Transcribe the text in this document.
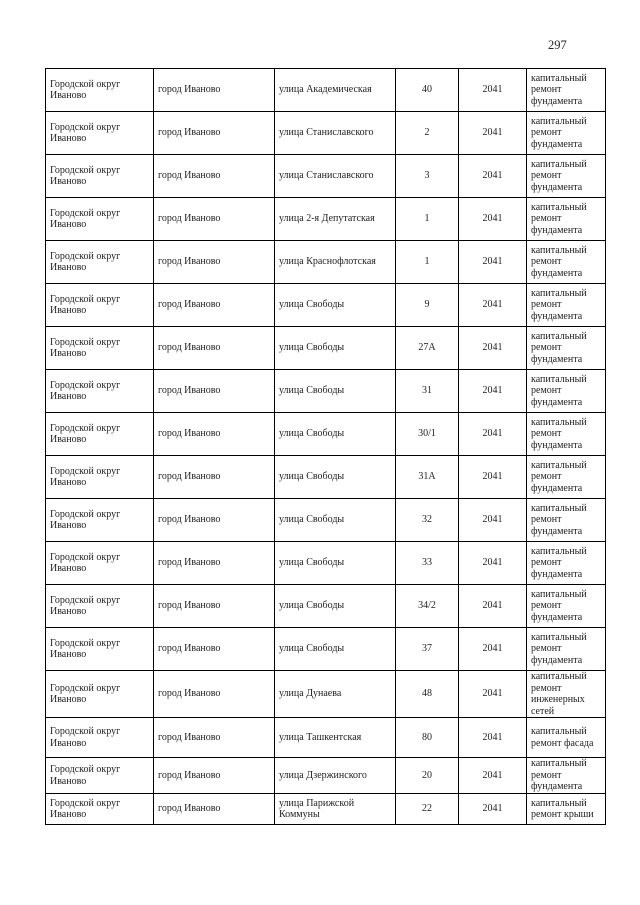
297
Городской округ Иваново	город Иваново	улица Академическая	40	2041	капитальный ремонт фундамента
Городской округ Иваново	город Иваново	улица Станиславского	2	2041	капитальный ремонт фундамента
Городской округ Иваново	город Иваново	улица Станиславского	3	2041	капитальный ремонт фундамента
Городской округ Иваново	город Иваново	улица 2-я Депутатская	1	2041	капитальный ремонт фундамента
Городской округ Иваново	город Иваново	улица Краснофлотская	1	2041	капитальный ремонт фундамента
Городской округ Иваново	город Иваново	улица Свободы	9	2041	капитальный ремонт фундамента
Городской округ Иваново	город Иваново	улица Свободы	27А	2041	капитальный ремонт фундамента
Городской округ Иваново	город Иваново	улица Свободы	31	2041	капитальный ремонт фундамента
Городской округ Иваново	город Иваново	улица Свободы	30/1	2041	капитальный ремонт фундамента
Городской округ Иваново	город Иваново	улица Свободы	31А	2041	капитальный ремонт фундамента
Городской округ Иваново	город Иваново	улица Свободы	32	2041	капитальный ремонт фундамента
Городской округ Иваново	город Иваново	улица Свободы	33	2041	капитальный ремонт фундамента
Городской округ Иваново	город Иваново	улица Свободы	34/2	2041	капитальный ремонт фундамента
Городской округ Иваново	город Иваново	улица Свободы	37	2041	капитальный ремонт фундамента
Городской округ Иваново	город Иваново	улица Дунаева	48	2041	капитальный ремонт инженерных сетей
Городской округ Иваново	город Иваново	улица Ташкентская	80	2041	капитальный ремонт фасада
Городской округ Иваново	город Иваново	улица Дзержинского	20	2041	капитальный ремонт фундамента
Городской округ Иваново	город Иваново	улица Парижской Коммуны	22	2041	капитальный ремонт крыши
